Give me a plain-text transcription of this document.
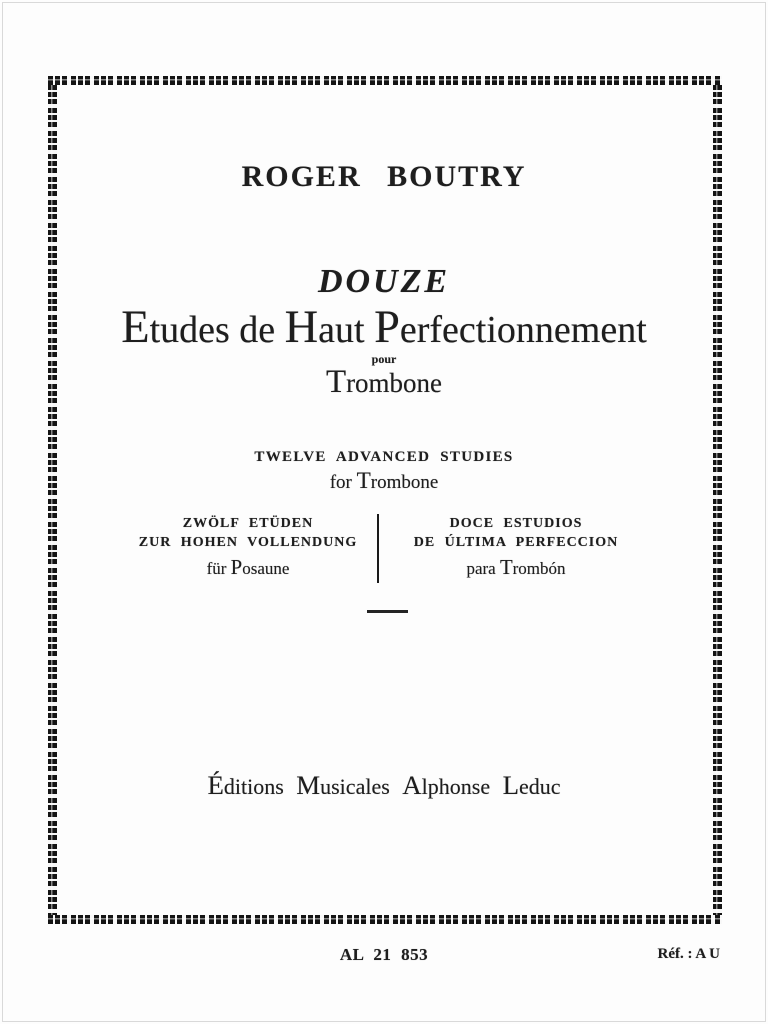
ROGER BOUTRY
DOUZE
Etudes de Haut Perfectionnement
pour
Trombone
TWELVE ADVANCED STUDIES
for Trombone
ZWÖLF ETÜDEN
ZUR HOHEN VOLLENDUNG
für Posaune
DOCE ESTUDIOS
DE ÚLTIMA PERFECCION
para Trombón
Éditions Musicales Alphonse Leduc
AL 21 853	Réf. : A U
